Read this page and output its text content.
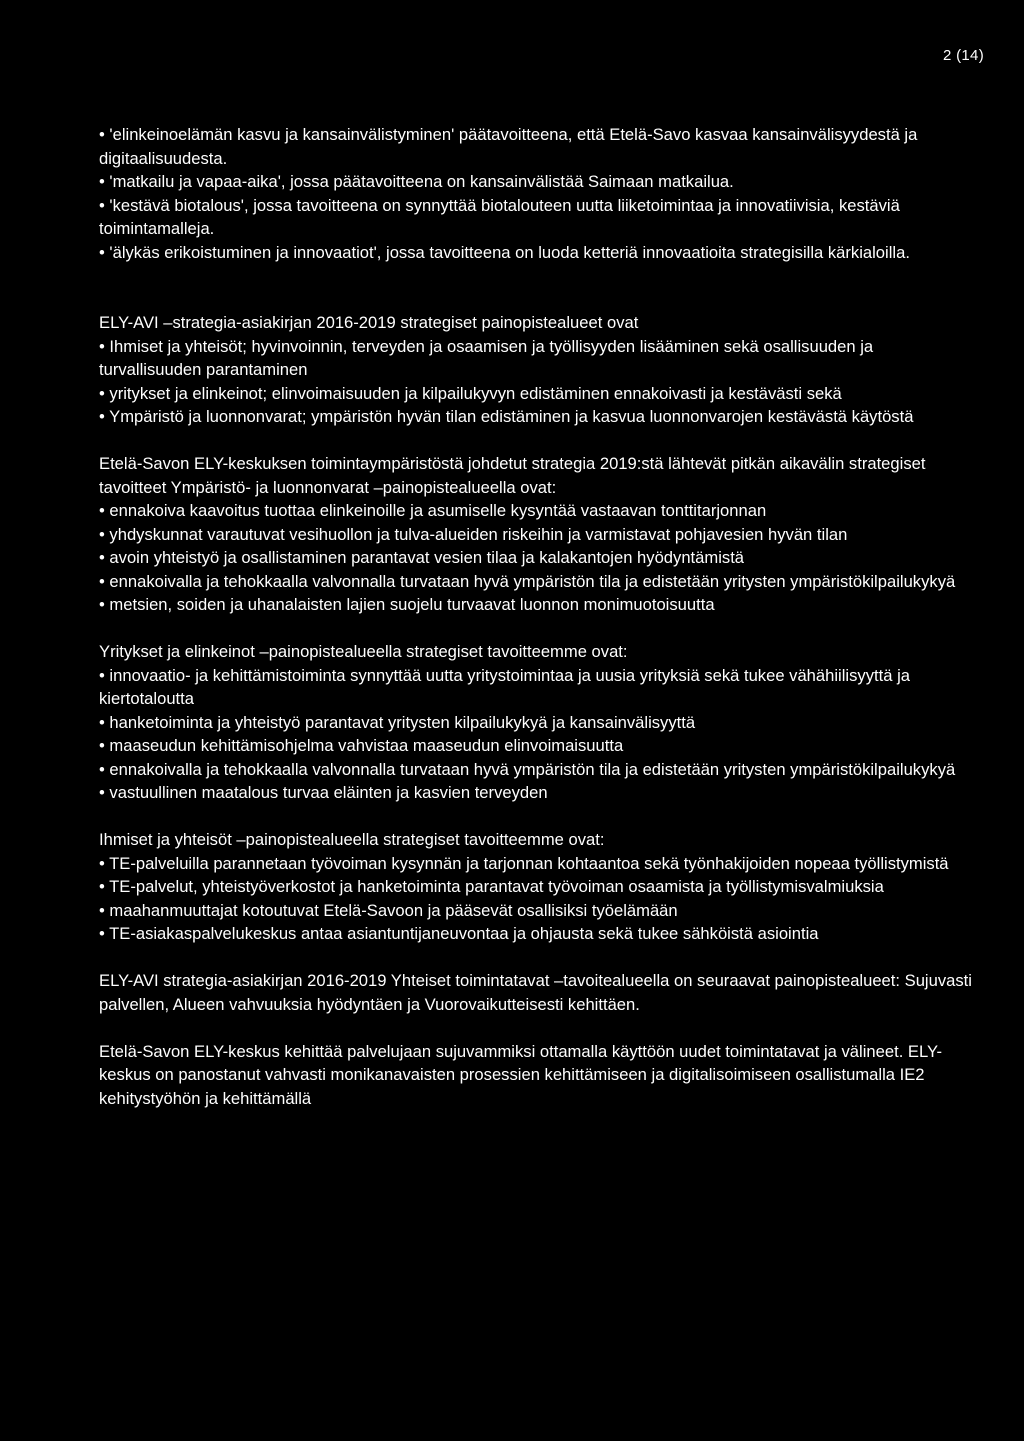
2 (14)

• 'elinkeinoelämän kasvu ja kansainvälistyminen' päätavoitteena, että Etelä-Savo kasvaa kansainvälisyydestä ja digitaalisuudesta.

• 'matkailu ja vapaa-aika', jossa päätavoitteena on kansainvälistää Saimaan matkailua.

• 'kestävä biotalous', jossa tavoitteena on synnyttää biotalouteen uutta liiketoimintaa ja innovatiivisia, kestäviä toimintamalleja.

• 'älykäs erikoistuminen ja innovaatiot', jossa tavoitteena on luoda ketteriä innovaatioita strategisilla kärkialoilla.

ELY-AVI –strategia-asiakirjan 2016-2019 strategiset painopistealueet ovat

• Ihmiset ja yhteisöt; hyvinvoinnin, terveyden ja osaamisen ja työllisyyden lisääminen sekä osallisuuden ja turvallisuuden parantaminen

• yritykset ja elinkeinot; elinvoimaisuuden ja kilpailukyvyn edistäminen ennakoivasti ja kestävästi sekä

• Ympäristö ja luonnonvarat; ympäristön hyvän tilan edistäminen ja kasvua luonnonvarojen kestävästä käytöstä

Etelä-Savon ELY-keskuksen toimintaympäristöstä johdetut strategia 2019:stä lähtevät pitkän aikavälin strategiset tavoitteet Ympäristö- ja luonnonvarat –painopistealueella ovat:

• ennakoiva kaavoitus tuottaa elinkeinoille ja asumiselle kysyntää vastaavan tonttitarjonnan

• yhdyskunnat varautuvat vesihuollon ja tulva-alueiden riskeihin ja varmistavat pohjavesien hyvän tilan

• avoin yhteistyö ja osallistaminen parantavat vesien tilaa ja kalakantojen hyödyntämistä

• ennakoivalla ja tehokkaalla valvonnalla turvataan hyvä ympäristön tila ja edistetään yritysten ympäristökilpailukykyä

• metsien, soiden ja uhanalaisten lajien suojelu turvaavat luonnon monimuotoisuutta

Yritykset ja elinkeinot –painopistealueella strategiset tavoitteemme ovat:

• innovaatio- ja kehittämistoiminta synnyttää uutta yritystoimintaa ja uusia yrityksiä sekä tukee vähähiilisyyttä ja kiertotaloutta

• hanketoiminta ja yhteistyö parantavat yritysten kilpailukykyä ja kansainvälisyyttä

• maaseudun kehittämisohjelma vahvistaa maaseudun elinvoimaisuutta

• ennakoivalla ja tehokkaalla valvonnalla turvataan hyvä ympäristön tila ja edistetään yritysten ympäristökilpailukykyä

• vastuullinen maatalous turvaa eläinten ja kasvien terveyden

Ihmiset ja yhteisöt –painopistealueella strategiset tavoitteemme ovat:

• TE-palveluilla parannetaan työvoiman kysynnän ja tarjonnan kohtaantoa sekä työnhakijoiden nopeaa työllistymistä

• TE-palvelut, yhteistyöverkostot ja hanketoiminta parantavat työvoiman osaamista ja työllistymisvalmiuksia

• maahanmuuttajat kotoutuvat Etelä-Savoon ja pääsevät osallisiksi työelämään

• TE-asiakaspalvelukeskus antaa asiantuntijaneuvontaa ja ohjausta sekä tukee sähköistä asiointia

ELY-AVI strategia-asiakirjan 2016-2019 Yhteiset toimintatavat –tavoitealueella on seuraavat painopistealueet: Sujuvasti palvellen, Alueen vahvuuksia hyödyntäen ja Vuorovaikutteisesti kehittäen.

Etelä-Savon ELY-keskus kehittää palvelujaan sujuvammiksi ottamalla käyttöön uudet toimintatavat ja välineet. ELY-keskus on panostanut vahvasti monikanavaisten prosessien kehittämiseen ja digitalisoimiseen osallistumalla IE2 kehitystyöhön ja kehittämällä
